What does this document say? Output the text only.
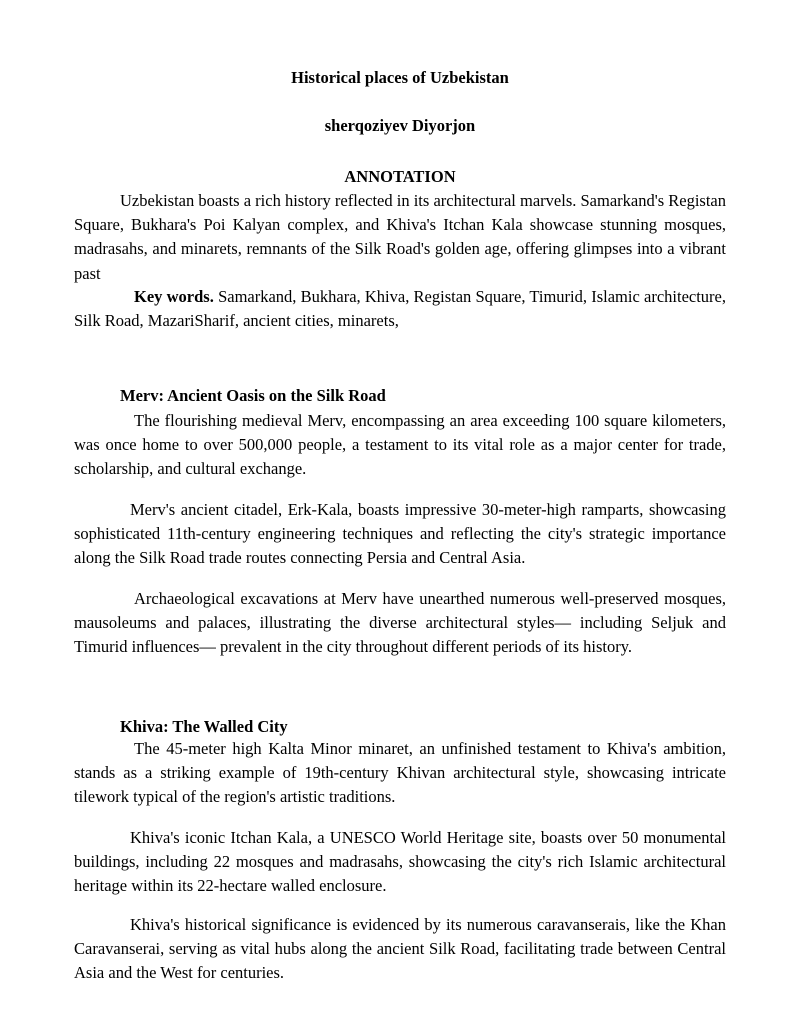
Historical places of Uzbekistan

sherqoziyev Diyorjon

ANNOTATION

Uzbekistan boasts a rich history reflected in its architectural marvels. Samarkand's Registan Square, Bukhara's Poi Kalyan complex, and Khiva's Itchan Kala showcase stunning mosques, madrasahs, and minarets, remnants of the Silk Road's golden age, offering glimpses into a vibrant past

Key words. Samarkand, Bukhara, Khiva, Registan Square, Timurid, Islamic architecture, Silk Road, MazariSharif, ancient cities, minarets,

Merv: Ancient Oasis on the Silk Road

The flourishing medieval Merv, encompassing an area exceeding 100 square kilometers, was once home to over 500,000 people, a testament to its vital role as a major center for trade, scholarship, and cultural exchange.

Merv's ancient citadel, Erk-Kala, boasts impressive 30-meter-high ramparts, showcasing sophisticated 11th-century engineering techniques and reflecting the city's strategic importance along the Silk Road trade routes connecting Persia and Central Asia.

Archaeological excavations at Merv have unearthed numerous well-preserved mosques, mausoleums and palaces, illustrating the diverse architectural styles— including Seljuk and Timurid influences— prevalent in the city throughout different periods of its history.

Khiva: The Walled City

The 45-meter high Kalta Minor minaret, an unfinished testament to Khiva's ambition, stands as a striking example of 19th-century Khivan architectural style, showcasing intricate tilework typical of the region's artistic traditions.

Khiva's iconic Itchan Kala, a UNESCO World Heritage site, boasts over 50 monumental buildings, including 22 mosques and madrasahs, showcasing the city's rich Islamic architectural heritage within its 22-hectare walled enclosure.

Khiva's historical significance is evidenced by its numerous caravanserais, like the Khan Caravanserai, serving as vital hubs along the ancient Silk Road, facilitating trade between Central Asia and the West for centuries.
